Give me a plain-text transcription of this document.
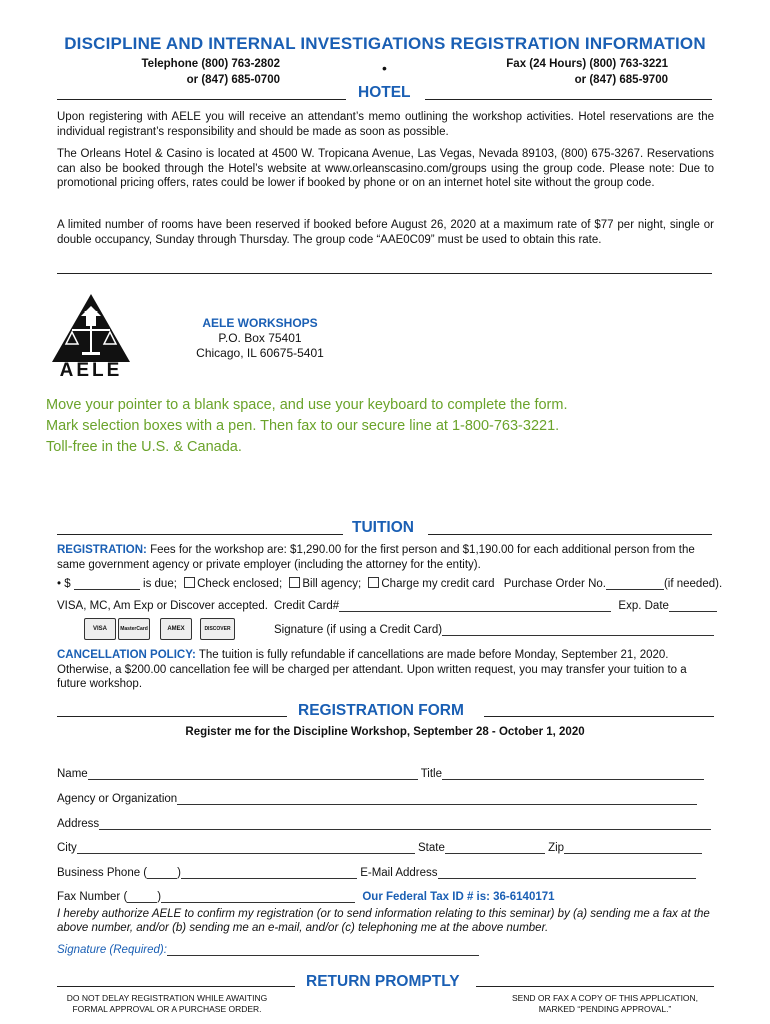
DISCIPLINE AND INTERNAL INVESTIGATIONS REGISTRATION INFORMATION
Telephone (800) 763-2802
or (847) 685-0700
•	Fax (24 Hours) (800) 763-3221
or (847) 685-9700
HOTEL
Upon registering with AELE you will receive an attendant’s memo outlining the workshop activities. Hotel reservations are the individual registrant’s responsibility and should be made as soon as possible.
The Orleans Hotel & Casino is located at 4500 W. Tropicana Avenue, Las Vegas, Nevada 89103, (800) 675-3267. Reservations can also be booked through the Hotel’s website at www.orleanscasino.com/groups using the group code. Please note: Due to promotional pricing offers, rates could be lower if booked by phone or on an internet hotel site without the group code.
A limited number of rooms have been reserved if booked before August 26, 2020 at a maximum rate of $77 per night, single or double occupancy, Sunday through Thursday. The group code “AAE0C09” must be used to obtain this rate.
AELE
AELE WORKSHOPS
P.O. Box 75401
Chicago, IL 60675-5401
Move your pointer to a blank space, and use your keyboard to complete the form.
Mark selection boxes with a pen. Then fax to our secure line at 1-800-763-3221.
Toll-free in the U.S. & Canada.
TUITION
REGISTRATION: Fees for the workshop are: $1,290.00 for the first person and $1,190.00 for each additional person from the same government agency or private employer (including the attorney for the entity).
• $	is due; Check enclosed; Bill agency; Charge my credit card Purchase Order No.	(if needed).
VISA, MC, Am Exp or Discover accepted. Credit Card#	Exp. Date
VISA	MasterCard	AMEX	DISCOVER	Signature (if using a Credit Card)
CANCELLATION POLICY: The tuition is fully refundable if cancellations are made before Monday, September 21, 2020. Otherwise, a $200.00 cancellation fee will be charged per attendant. Upon written request, you may transfer your tuition to a future workshop.
REGISTRATION FORM
Register me for the Discipline Workshop, September 28 - October 1, 2020
Name	Title
Agency or Organization
Address
City	State	Zip
Business Phone (	)	E-Mail Address
Fax Number (	)	Our Federal Tax ID # is: 36-6140171
I hereby authorize AELE to confirm my registration (or to send information relating to this seminar) by (a) sending me a fax at the above number, and/or (b) sending me an e-mail, and/or (c) telephoning me at the above number.
Signature (Required):
RETURN PROMPTLY
DO NOT DELAY REGISTRATION WHILE AWAITING
FORMAL APPROVAL OR A PURCHASE ORDER.
SEND OR FAX A COPY OF THIS APPLICATION,
MARKED “PENDING APPROVAL.”
